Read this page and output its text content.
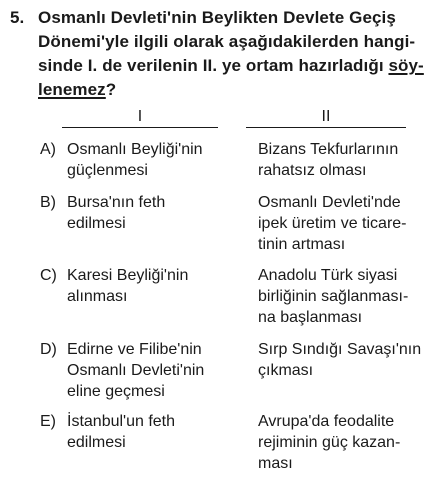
5. Osmanlı Devleti'nin Beylikten Devlete Geçiş
Dönemi'yle ilgili olarak aşağıdakilerden hangi-
sinde I. de verilenin II. ye ortam hazırladığı söy-
lenemez?
I	II
A) Osmanlı Beyliği'nin
güçlenmesi
Bizans Tekfurlarının
rahatsız olması
B) Bursa'nın feth
edilmesi
Osmanlı Devleti'nde
ipek üretim ve ticare-
tinin artması
C) Karesi Beyliği'nin
alınması
Anadolu Türk siyasi
birliğinin sağlanması-
na başlanması
D) Edirne ve Filibe'nin
Osmanlı Devleti'nin
eline geçmesi
Sırp Sındığı Savaşı'nın
çıkması
E) İstanbul'un feth
edilmesi
Avrupa'da feodalite
rejiminin güç kazan-
ması
